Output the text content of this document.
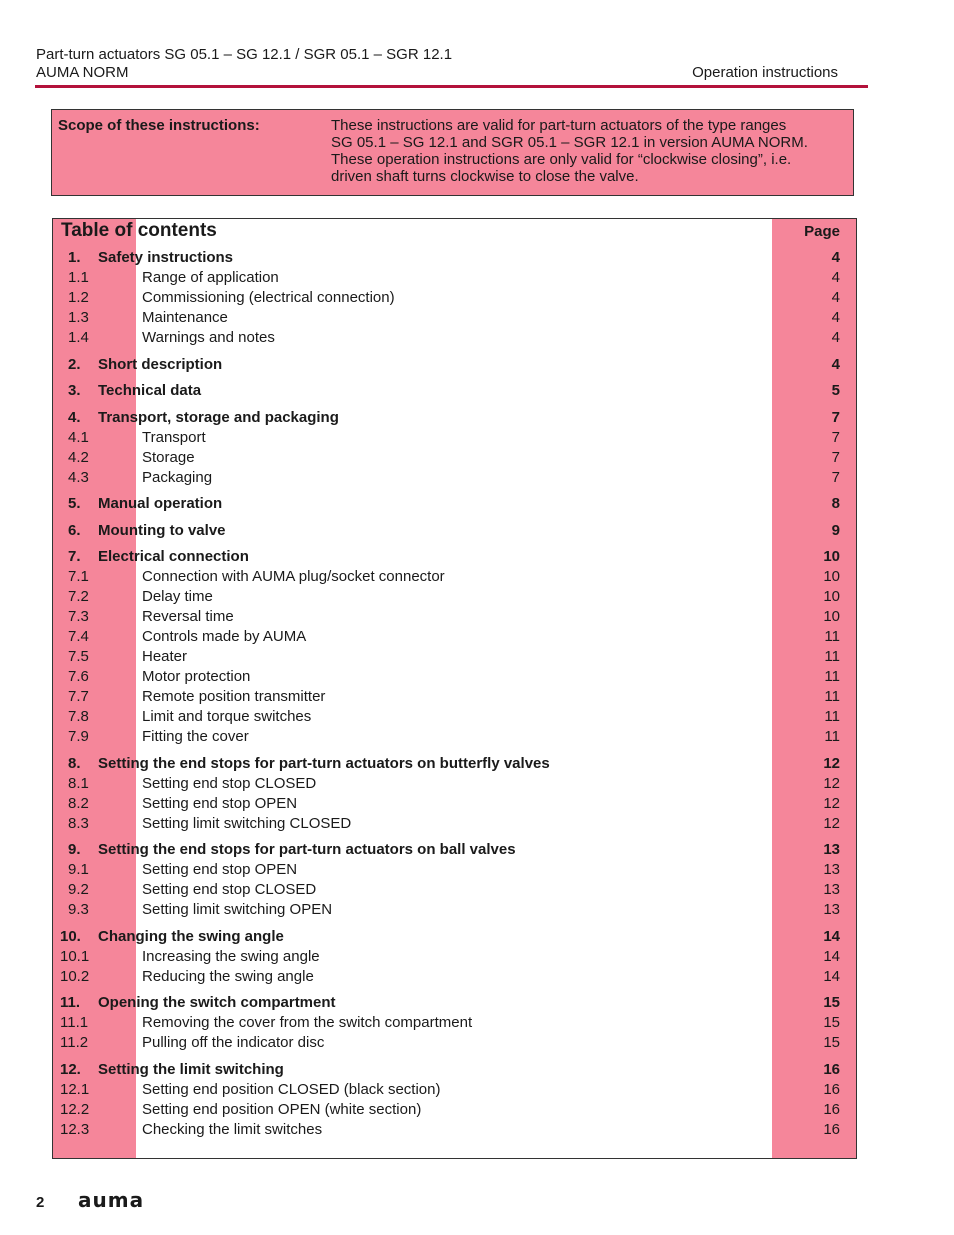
Part-turn actuators SG 05.1 – SG 12.1 / SGR 05.1 – SGR 12.1
AUMA NORM	Operation instructions
Scope of these instructions:	These instructions are valid for part-turn actuators of the type ranges
SG 05.1 – SG 12.1 and SGR 05.1 – SGR 12.1 in version AUMA NORM.
These operation instructions are only valid for “clockwise closing”, i.e.
driven shaft turns clockwise to close the valve.
Table of contents	Page
1. Safety instructions	4
1.1	Range of application	4
1.2	Commissioning (electrical connection)	4
1.3	Maintenance	4
1.4	Warnings and notes	4
2. Short description	4
3. Technical data	5
4. Transport, storage and packaging	7
4.1	Transport	7
4.2	Storage	7
4.3	Packaging	7
5. Manual operation	8
6. Mounting to valve	9
7. Electrical connection	10
7.1	Connection with AUMA plug/socket connector	10
7.2	Delay time	10
7.3	Reversal time	10
7.4	Controls made by AUMA	11
7.5	Heater	11
7.6	Motor protection	11
7.7	Remote position transmitter	11
7.8	Limit and torque switches	11
7.9	Fitting the cover	11
8. Setting the end stops for part-turn actuators on butterfly valves	12
8.1	Setting end stop CLOSED	12
8.2	Setting end stop OPEN	12
8.3	Setting limit switching CLOSED	12
9. Setting the end stops for part-turn actuators on ball valves	13
9.1	Setting end stop OPEN	13
9.2	Setting end stop CLOSED	13
9.3	Setting limit switching OPEN	13
10. Changing the swing angle	14
10.1	Increasing the swing angle	14
10.2	Reducing the swing angle	14
11. Opening the switch compartment	15
11.1	Removing the cover from the switch compartment	15
11.2	Pulling off the indicator disc	15
12. Setting the limit switching	16
12.1	Setting end position CLOSED (black section)	16
12.2	Setting end position OPEN (white section)	16
12.3	Checking the limit switches	16
2 auma
